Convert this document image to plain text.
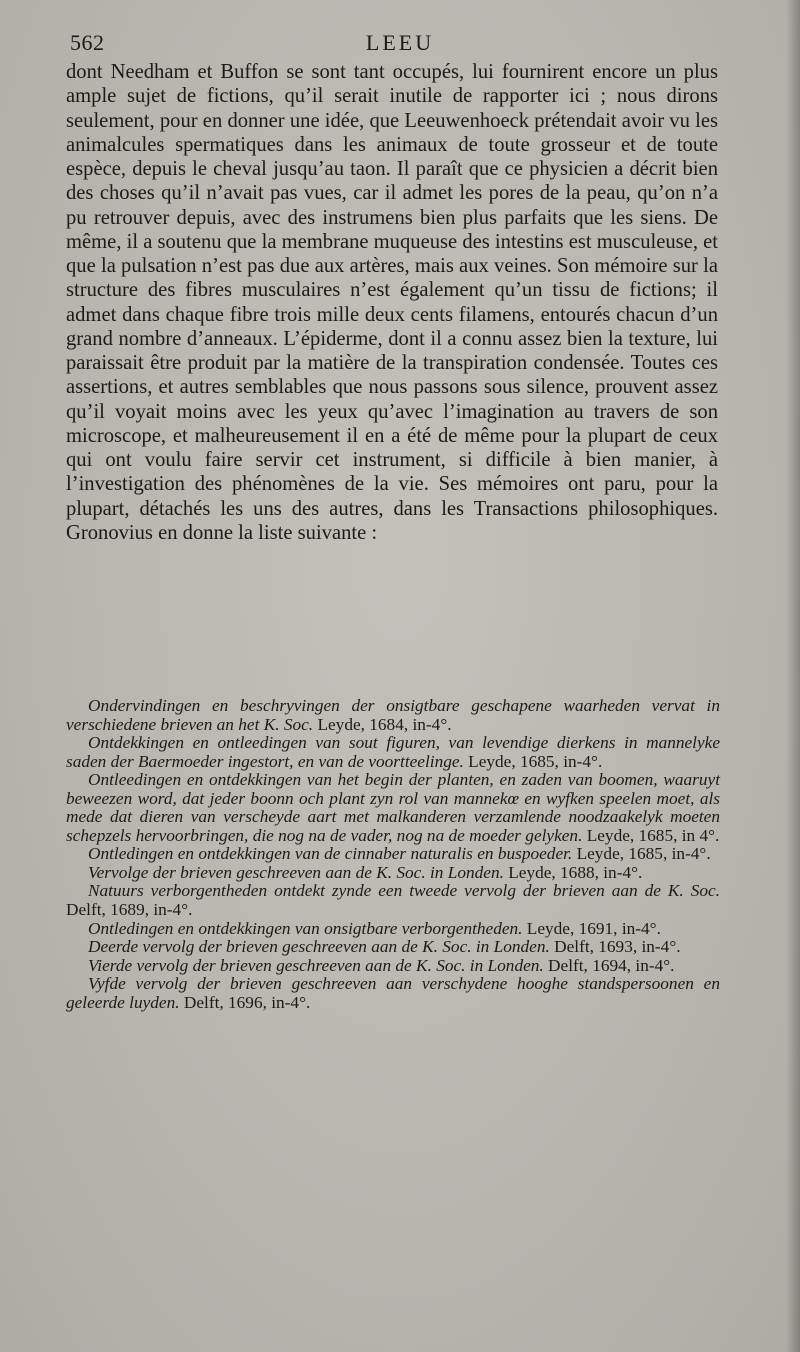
562	LEEU

dont Needham et Buffon se sont tant occupés, lui fournirent encore un plus ample sujet de fictions, qu’il serait inutile de rapporter ici ; nous dirons seulement, pour en donner une idée, que Leeuwenhoeck prétendait avoir vu les animalcules spermatiques dans les animaux de toute grosseur et de toute espèce, depuis le cheval jusqu’au taon. Il paraît que ce physicien a décrit bien des choses qu’il n’avait pas vues, car il admet les pores de la peau, qu’on n’a pu retrouver depuis, avec des instrumens bien plus parfaits que les siens. De même, il a soutenu que la membrane muqueuse des intestins est musculeuse, et que la pulsation n’est pas due aux artères, mais aux veines. Son mémoire sur la structure des fibres musculaires n’est également qu’un tissu de fictions; il admet dans chaque fibre trois mille deux cents filamens, entourés chacun d’un grand nombre d’anneaux. L’épiderme, dont il a connu assez bien la texture, lui paraissait être produit par la matière de la transpiration condensée. Toutes ces assertions, et autres semblables que nous passons sous silence, prouvent assez qu’il voyait moins avec les yeux qu’avec l’imagination au travers de son microscope, et malheureusement il en a été de même pour la plupart de ceux qui ont voulu faire servir cet instrument, si difficile à bien manier, à l’investigation des phénomènes de la vie. Ses mémoires ont paru, pour la plupart, détachés les uns des autres, dans les Transactions philosophiques. Gronovius en donne la liste suivante :

Ondervindingen en beschryvingen der onsigtbare geschapene waarheden vervat in verschiedene brieven an het K. Soc. Leyde, 1684, in-4°.

Ontdekkingen en ontleedingen van sout figuren, van levendige dierkens in mannelyke saden der Baermoeder ingestort, en van de voortteelinge. Leyde, 1685, in-4°.

Ontleedingen en ontdekkingen van het begin der planten, en zaden van boomen, waaruyt beweezen word, dat jeder boonn och plant zyn rol van mannekœ en wyfken speelen moet, als mede dat dieren van verscheyde aart met malkanderen verzamlende noodzaakelyk moeten schepzels hervoorbringen, die nog na de vader, nog na de moeder gelyken. Leyde, 1685, in 4°.

Ontledingen en ontdekkingen van de cinnaber naturalis en buspoeder. Leyde, 1685, in-4°.

Vervolge der brieven geschreeven aan de K. Soc. in Londen. Leyde, 1688, in-4°.

Natuurs verborgentheden ontdekt zynde een tweede vervolg der brieven aan de K. Soc. Delft, 1689, in-4°.

Ontledingen en ontdekkingen van onsigtbare verborgentheden. Leyde, 1691, in-4°.

Deerde vervolg der brieven geschreeven aan de K. Soc. in Londen. Delft, 1693, in-4°.

Vierde vervolg der brieven geschreeven aan de K. Soc. in Londen. Delft, 1694, in-4°.

Vyfde vervolg der brieven geschreeven aan verschydene hooghe standspersoonen en geleerde luyden. Delft, 1696, in-4°.
